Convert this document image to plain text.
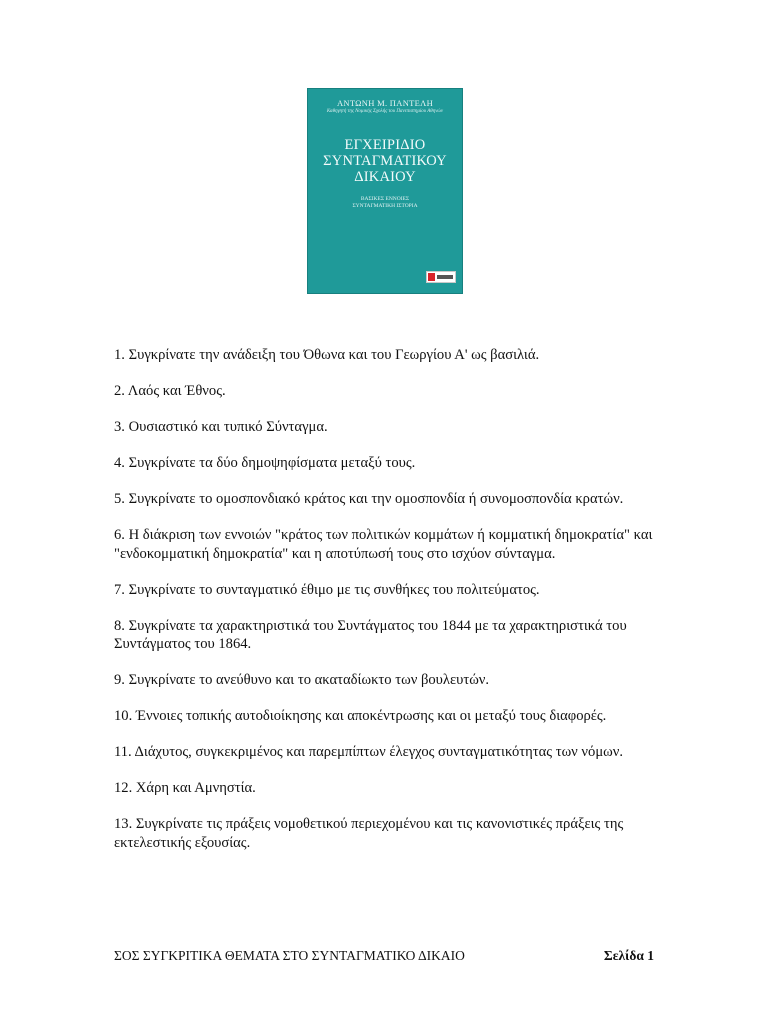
ΑΝΤΩΝΗ Μ. ΠΑΝΤΕΛΗ
Καθηγητή της Νομικής Σχολής του Πανεπιστημίου Αθηνών
ΕΓΧΕΙΡΙΔΙΟ
ΣΥΝΤΑΓΜΑΤΙΚΟΥ
ΔΙΚΑΙΟΥ
ΒΑΣΙΚΕΣ ΕΝΝΟΙΕΣ
ΣΥΝΤΑΓΜΑΤΙΚΗ ΙΣΤΟΡΙΑ
1. Συγκρίνατε την ανάδειξη του Όθωνα και του Γεωργίου Α' ως βασιλιά.
2. Λαός και Έθνος.
3. Ουσιαστικό και τυπικό Σύνταγμα.
4. Συγκρίνατε τα δύο δημοψηφίσματα μεταξύ τους.
5. Συγκρίνατε το ομοσπονδιακό κράτος και την ομοσπονδία ή συνομοσπονδία κρατών.
6. Η διάκριση των εννοιών "κράτος των πολιτικών κομμάτων ή κομματική δημοκρατία" και "ενδοκομματική δημοκρατία" και η αποτύπωσή τους στο ισχύον σύνταγμα.
7. Συγκρίνατε το συνταγματικό έθιμο με τις συνθήκες του πολιτεύματος.
8. Συγκρίνατε τα χαρακτηριστικά του Συντάγματος του 1844 με τα χαρακτηριστικά του Συντάγματος του 1864.
9. Συγκρίνατε το ανεύθυνο και το ακαταδίωκτο των βουλευτών.
10. Έννοιες τοπικής αυτοδιοίκησης και αποκέντρωσης και οι μεταξύ τους διαφορές.
11. Διάχυτος, συγκεκριμένος και παρεμπίπτων έλεγχος συνταγματικότητας των νόμων.
12. Χάρη και Αμνηστία.
13. Συγκρίνατε τις πράξεις νομοθετικού περιεχομένου και τις κανονιστικές πράξεις της εκτελεστικής εξουσίας.
ΣΟΣ ΣΥΓΚΡΙΤΙΚΑ ΘΕΜΑΤΑ ΣΤΟ ΣΥΝΤΑΓΜΑΤΙΚΟ ΔΙΚΑΙΟ	Σελίδα 1
